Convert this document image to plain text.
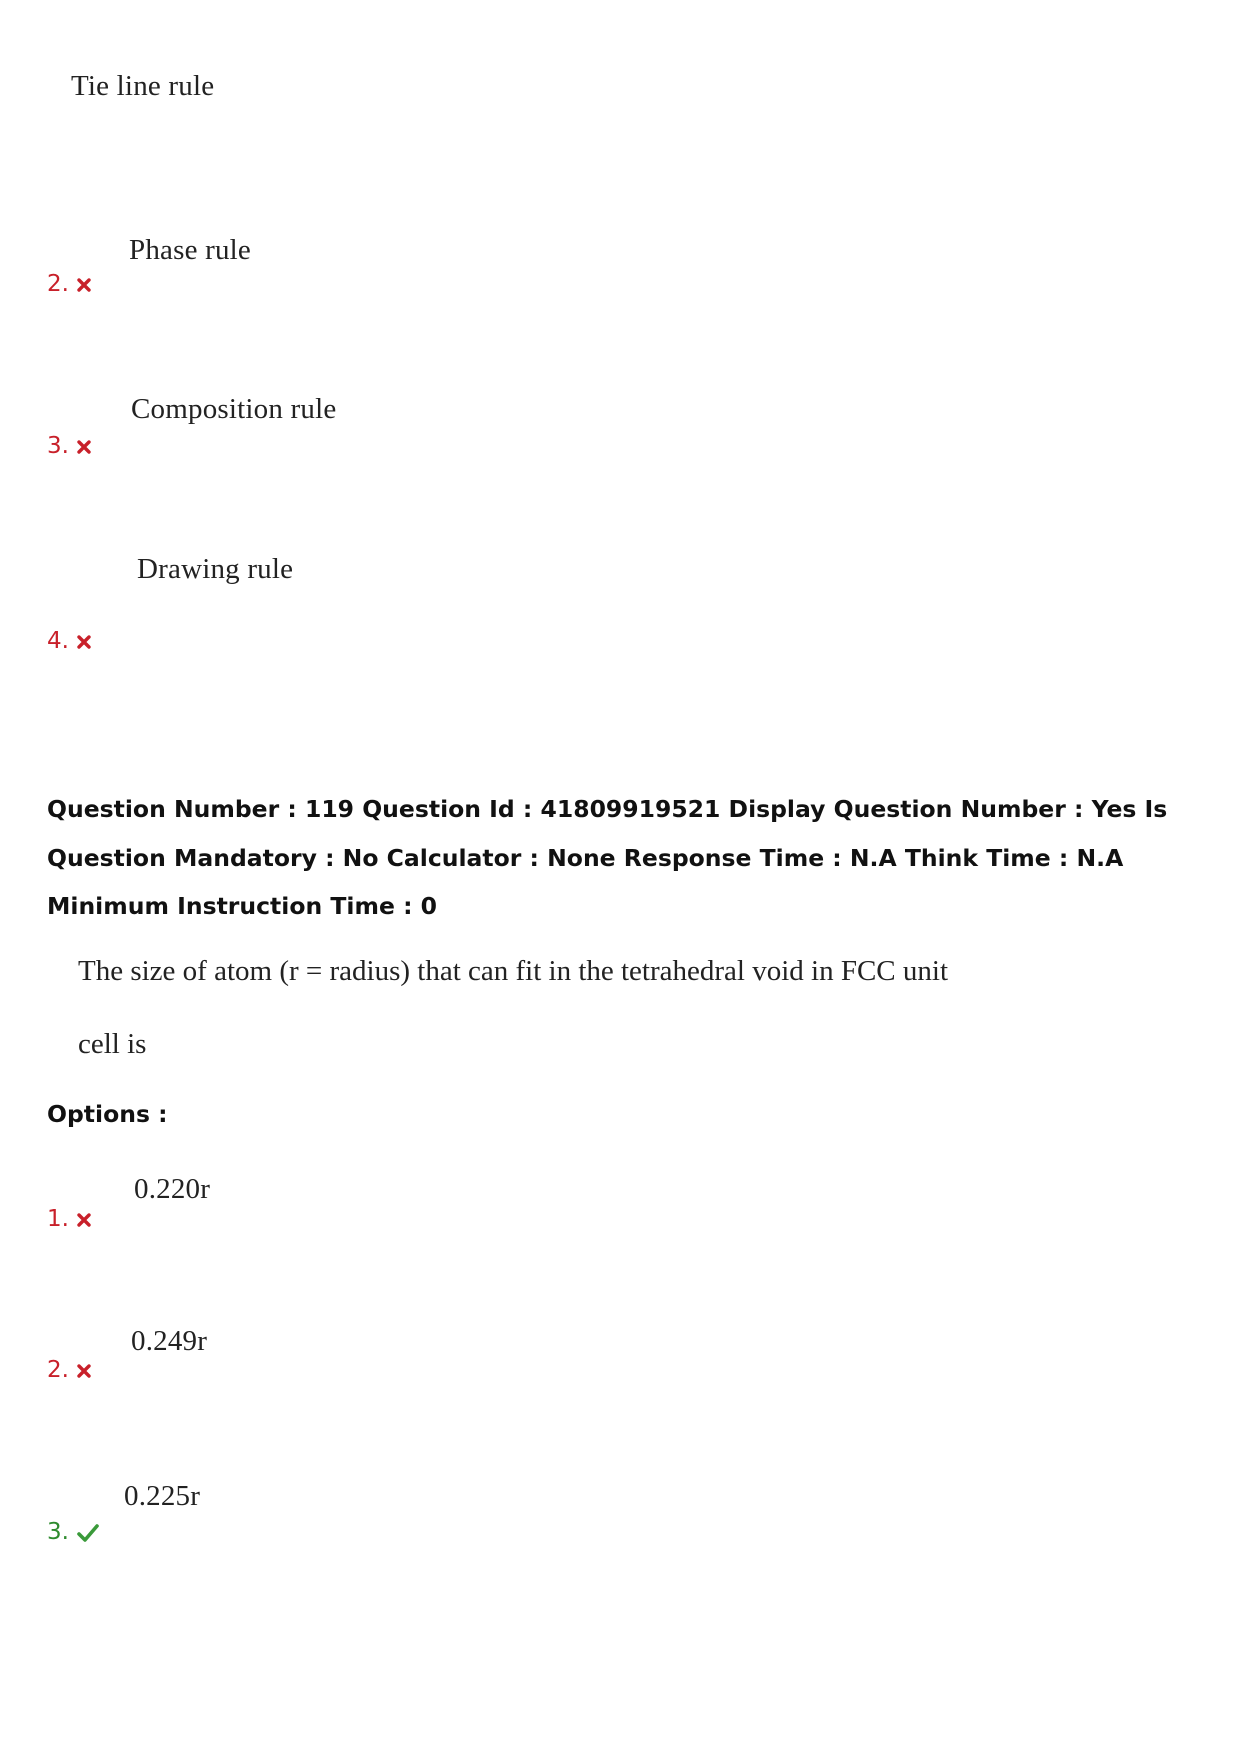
Tie line rule
Phase rule
2.
Composition rule
3.
Drawing rule
4.
Question Number : 119 Question Id : 41809919521 Display Question Number : Yes Is Question Mandatory : No Calculator : None Response Time : N.A Think Time : N.A Minimum Instruction Time : 0
The size of atom (r = radius) that can fit in the tetrahedral void in FCC unit
cell is
Options :
0.220r
1.
0.249r
2.
0.225r
3.
